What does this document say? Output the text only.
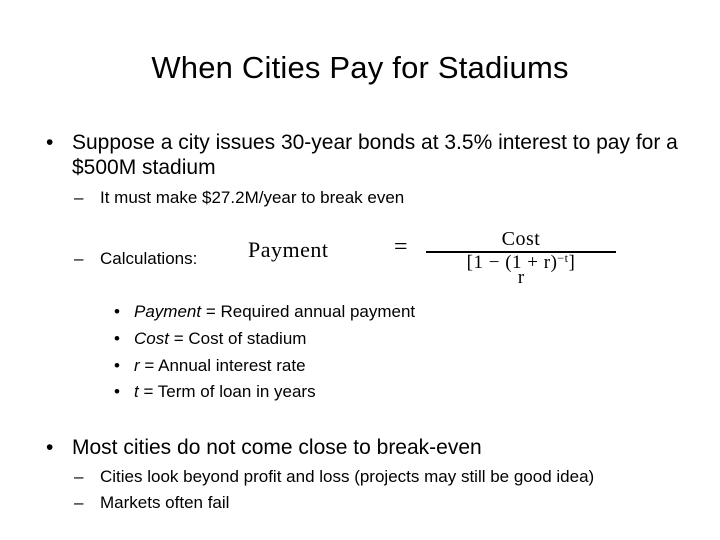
When Cities Pay for Stadiums
• Suppose a city issues 30-year bonds at 3.5% interest to pay for a $500M stadium
– It must make $27.2M/year to break even
– Calculations: Payment	=	Cost
$[1 - (1 + r)^{-t}]$
r
• Payment = Required annual payment
• Cost = Cost of stadium
• r = Annual interest rate
• t = Term of loan in years
• Most cities do not come close to break-even
– Cities look beyond profit and loss (projects may still be good idea)
– Markets often fail
